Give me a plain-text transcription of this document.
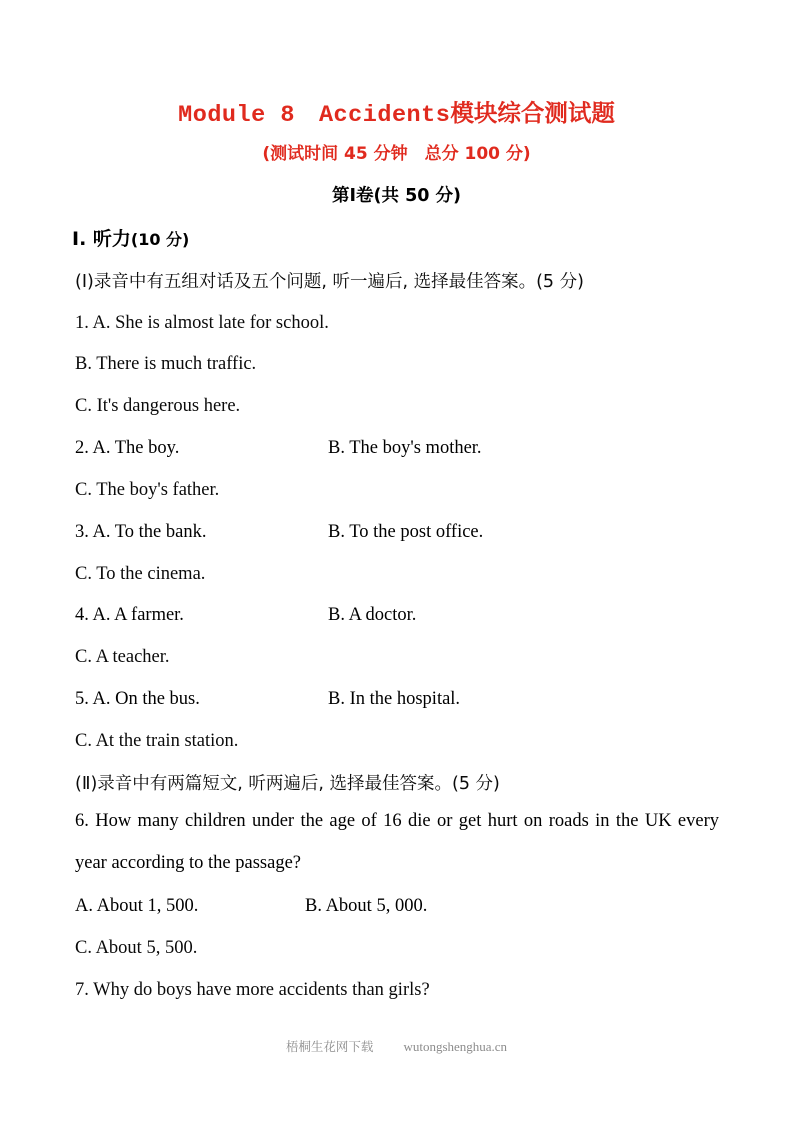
Module 8　Accidents模块综合测试题
(测试时间 45 分钟　总分 100 分)
第Ⅰ卷(共 50 分)
Ⅰ. 听力(10 分)
(Ⅰ)录音中有五组对话及五个问题, 听一遍后, 选择最佳答案。(5 分)
1. A. She is almost late for school.
B. There is much traffic.
C. It's dangerous here.
2. A. The boy.	B. The boy's mother.
C. The boy's father.
3. A. To the bank.	B. To the post office.
C. To the cinema.
4. A. A farmer.	B. A doctor.
C. A teacher.
5. A. On the bus.	B. In the hospital.
C. At the train station.
(Ⅱ)录音中有两篇短文, 听两遍后, 选择最佳答案。(5 分)
6. How many children under the age of 16 die or get hurt on roads in the UK every year according to the passage?
A. About 1, 500.	B. About 5, 000.
C. About 5, 500.
7. Why do boys have more accidents than girls?
梧桐生花网下载 wutongshenghua.cn
